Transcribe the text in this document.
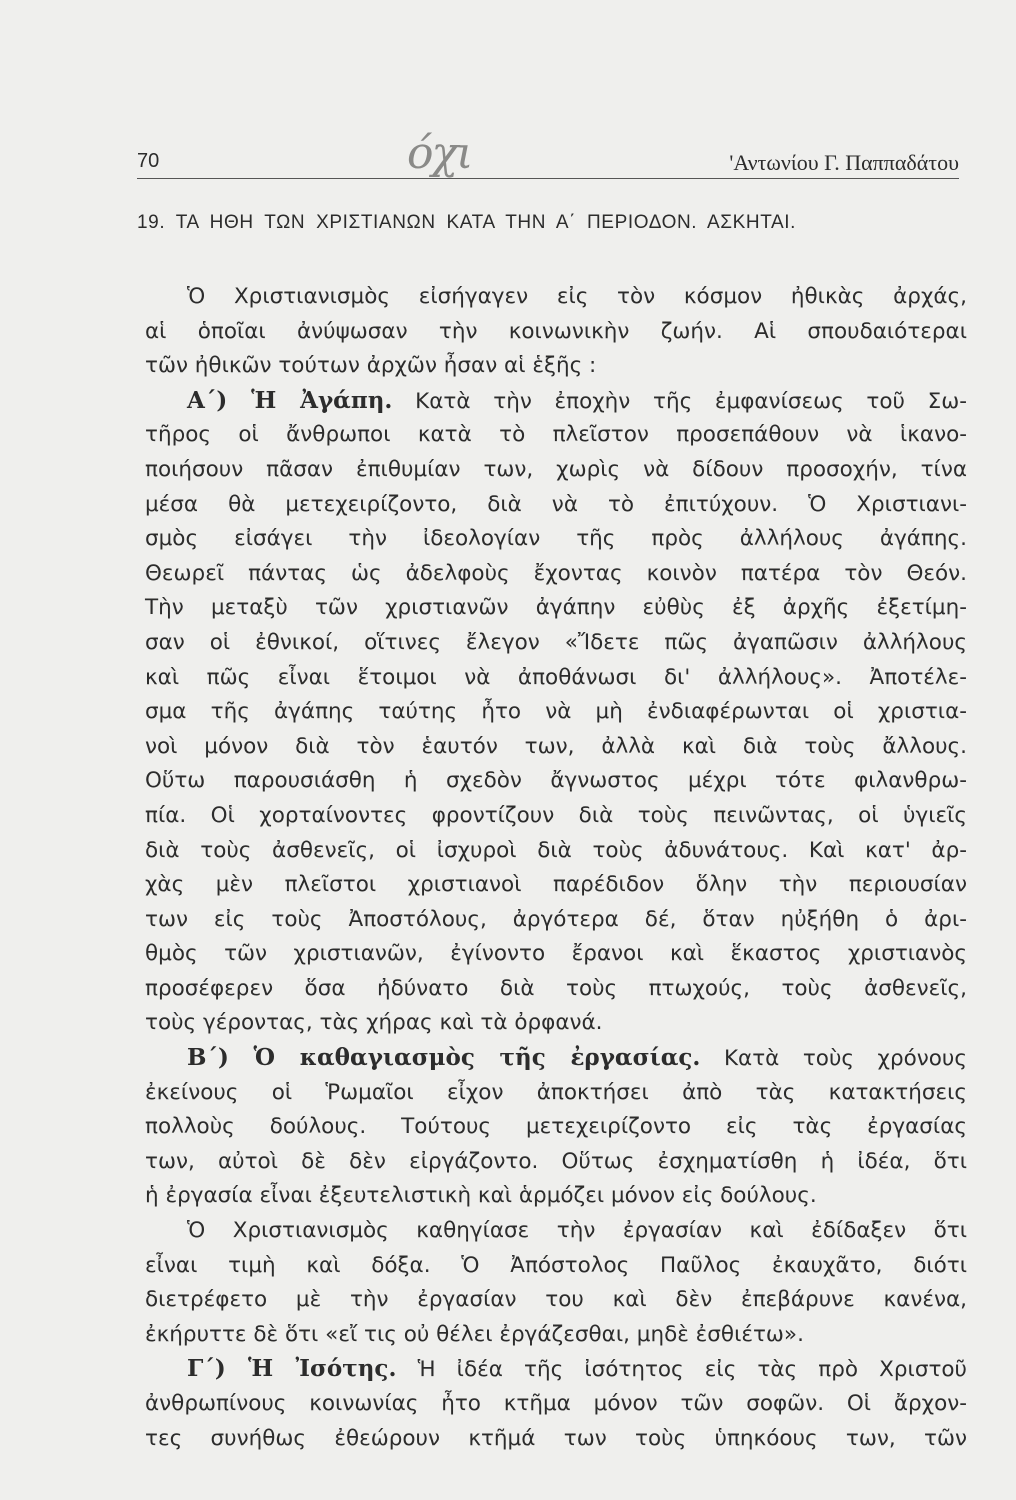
70	όχι	'Αντωνίου Γ. Παππαδάτου
19. ΤΑ ΗΘΗ ΤΩΝ ΧΡΙΣΤΙΑΝΩΝ ΚΑΤΑ ΤΗΝ Α΄ ΠΕΡΙΟΔΟΝ. ΑΣΚΗΤΑΙ.
Ὁ Χριστιανισμὸς εἰσήγαγεν εἰς τὸν κόσμον ἠθικὰς ἀρχάς,
αἱ ὁποῖαι ἀνύψωσαν τὴν κοινωνικὴν ζωήν. Αἱ σπουδαιότεραι
τῶν ἠθικῶν τούτων ἀρχῶν ἦσαν αἱ ἑξῆς :
Α΄) Ἡ Ἀγάπη. Κατὰ τὴν ἐποχὴν τῆς ἐμφανίσεως τοῦ Σω-
τῆρος οἱ ἄνθρωποι κατὰ τὸ πλεῖστον προσεπάθουν νὰ ἱκανο-
ποιήσουν πᾶσαν ἐπιθυμίαν των, χωρὶς νὰ δίδουν προσοχήν, τίνα
μέσα θὰ μετεχειρίζοντο, διὰ νὰ τὸ ἐπιτύχουν. Ὁ Χριστιανι-
σμὸς εἰσάγει τὴν ἰδεολογίαν τῆς πρὸς ἀλλήλους ἀγάπης.
Θεωρεῖ πάντας ὡς ἀδελφοὺς ἔχοντας κοινὸν πατέρα τὸν Θεόν.
Τὴν μεταξὺ τῶν χριστιανῶν ἀγάπην εὐθὺς ἐξ ἀρχῆς ἐξετίμη-
σαν οἱ ἐθνικοί, οἵτινες ἔλεγον «Ἴδετε πῶς ἀγαπῶσιν ἀλλήλους
καὶ πῶς εἶναι ἕτοιμοι νὰ ἀποθάνωσι δι' ἀλλήλους». Ἀποτέλε-
σμα τῆς ἀγάπης ταύτης ἦτο νὰ μὴ ἐνδιαφέρωνται οἱ χριστια-
νοὶ μόνον διὰ τὸν ἑαυτόν των, ἀλλὰ καὶ διὰ τοὺς ἄλλους.
Οὕτω παρουσιάσθη ἡ σχεδὸν ἄγνωστος μέχρι τότε φιλανθρω-
πία. Οἱ χορταίνοντες φροντίζουν διὰ τοὺς πεινῶντας, οἱ ὑγιεῖς
διὰ τοὺς ἀσθενεῖς, οἱ ἰσχυροὶ διὰ τοὺς ἀδυνάτους. Καὶ κατ' ἀρ-
χὰς μὲν πλεῖστοι χριστιανοὶ παρέδιδον ὅλην τὴν περιουσίαν
των εἰς τοὺς Ἀποστόλους, ἀργότερα δέ, ὅταν ηὐξήθη ὁ ἀρι-
θμὸς τῶν χριστιανῶν, ἐγίνοντο ἔρανοι καὶ ἕκαστος χριστιανὸς
προσέφερεν ὅσα ἠδύνατο διὰ τοὺς πτωχούς, τοὺς ἀσθενεῖς,
τοὺς γέροντας, τὰς χήρας καὶ τὰ ὀρφανά.
Β΄) Ὁ καθαγιασμὸς τῆς ἐργασίας. Κατὰ τοὺς χρόνους
ἐκείνους οἱ Ῥωμαῖοι εἶχον ἀποκτήσει ἀπὸ τὰς κατακτήσεις
πολλοὺς δούλους. Τούτους μετεχειρίζοντο εἰς τὰς ἐργασίας
των, αὐτοὶ δὲ δὲν εἰργάζοντο. Οὕτως ἐσχηματίσθη ἡ ἰδέα, ὅτι
ἡ ἐργασία εἶναι ἐξευτελιστικὴ καὶ ἁρμόζει μόνον εἰς δούλους.
Ὁ Χριστιανισμὸς καθηγίασε τὴν ἐργασίαν καὶ ἐδίδαξεν ὅτι
εἶναι τιμὴ καὶ δόξα. Ὁ Ἀπόστολος Παῦλος ἐκαυχᾶτο, διότι
διετρέφετο μὲ τὴν ἐργασίαν του καὶ δὲν ἐπεβάρυνε κανένα,
ἐκήρυττε δὲ ὅτι «εἴ τις οὐ θέλει ἐργάζεσθαι, μηδὲ ἐσθιέτω».
Γ΄) Ἡ Ἰσότης. Ἡ ἰδέα τῆς ἰσότητος εἰς τὰς πρὸ Χριστοῦ
ἀνθρωπίνους κοινωνίας ἦτο κτῆμα μόνον τῶν σοφῶν. Οἱ ἄρχον-
τες συνήθως ἐθεώρουν κτῆμά των τοὺς ὑπηκόους των, τῶν
